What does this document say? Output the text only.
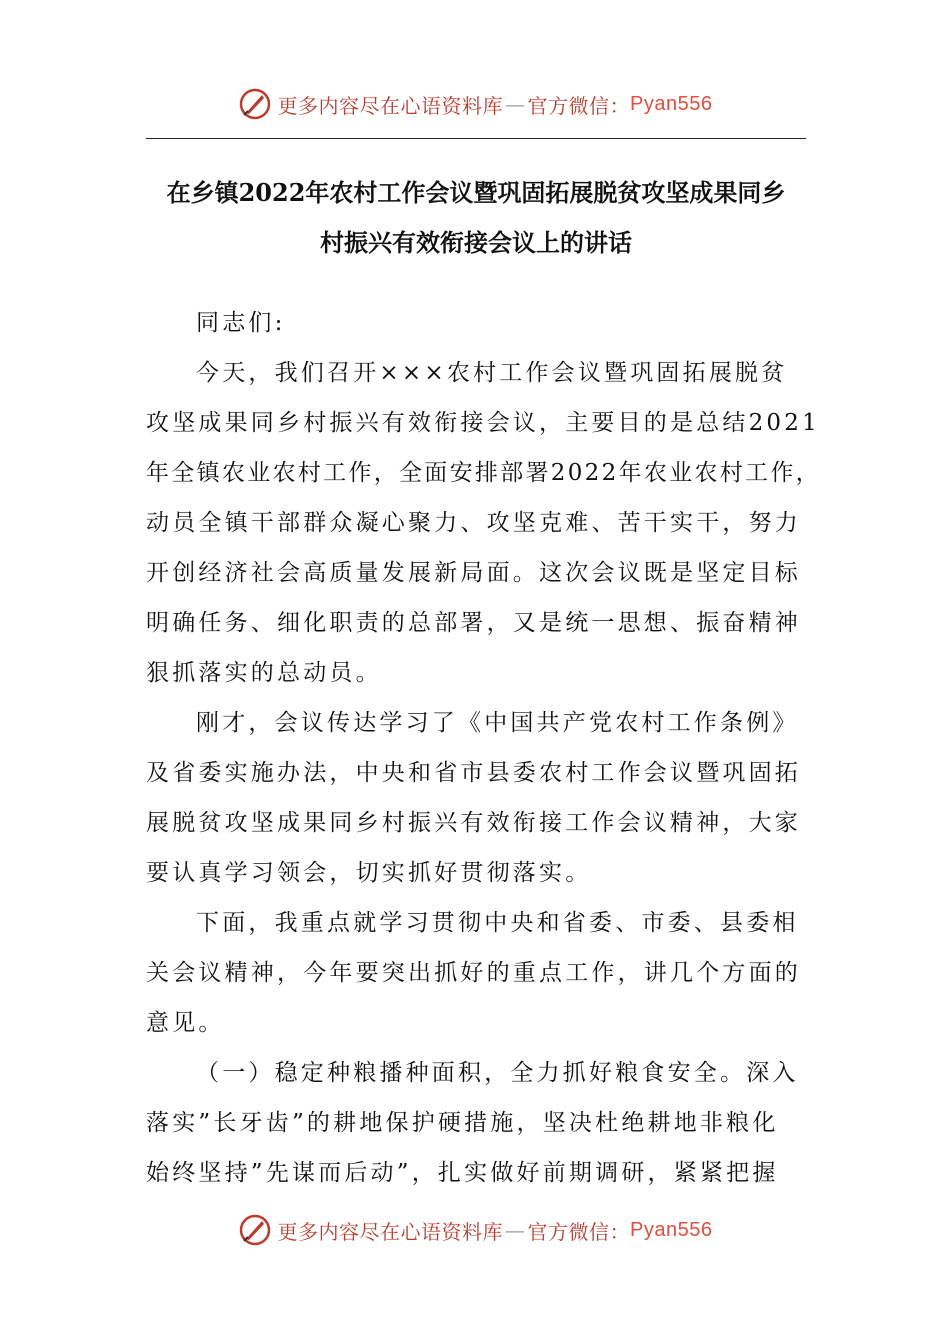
更多内容尽在心语资料库 — 官方微信： Pyan556
在乡镇2022年农村工作会议暨巩固拓展脱贫攻坚成果同乡
村振兴有效衔接会议上的讲话
同志们:
今天，我们召开×××农村工作会议暨巩固拓展脱贫
攻坚成果同乡村振兴有效衔接会议，主要目的是总结2021
年全镇农业农村工作，全面安排部署2022年农业农村工作，
动员全镇干部群众凝心聚力、攻坚克难、苦干实干，努力
开创经济社会高质量发展新局面。这次会议既是坚定目标
明确任务、细化职责的总部署，又是统一思想、振奋精神
狠抓落实的总动员。
刚才，会议传达学习了《中国共产党农村工作条例》
及省委实施办法，中央和省市县委农村工作会议暨巩固拓
展脱贫攻坚成果同乡村振兴有效衔接工作会议精神，大家
要认真学习领会，切实抓好贯彻落实。
下面，我重点就学习贯彻中央和省委、市委、县委相
关会议精神，今年要突出抓好的重点工作，讲几个方面的
意见。
（一）稳定种粮播种面积，全力抓好粮食安全。深入
落实”长牙齿”的耕地保护硬措施，坚决杜绝耕地非粮化
始终坚持”先谋而后动”，扎实做好前期调研，紧紧把握
更多内容尽在心语资料库 — 官方微信： Pyan556
